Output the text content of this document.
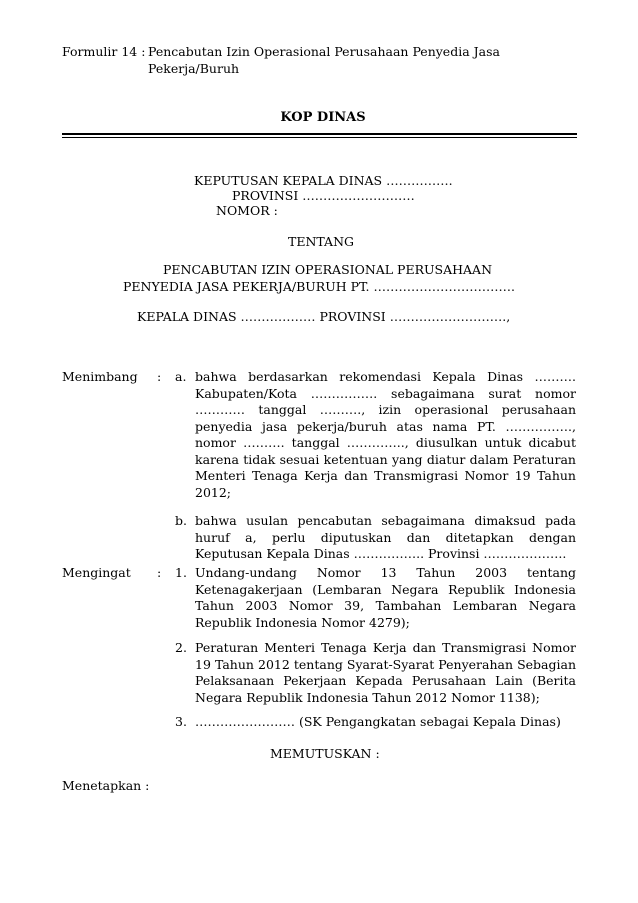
Formulir 14 : Pencabutan Izin Operasional Perusahaan Penyedia Jasa
Pekerja/Buruh
KOP DINAS
KEPUTUSAN KEPALA DINAS …………….
PROVINSI ………………………
NOMOR :
TENTANG
PENCABUTAN IZIN OPERASIONAL PERUSAHAAN
PENYEDIA JASA PEKERJA/BURUH PT. …………………………….
KEPALA DINAS ……………… PROVINSI ……………………….,
Menimbang : a. bahwa berdasarkan rekomendasi Kepala Dinas ……….
Kabupaten/Kota ……………. sebagaimana surat nomor
………… tanggal ………., izin operasional perusahaan
penyedia jasa pekerja/buruh atas nama PT. …………….,
nomor ………. tanggal ………….., diusulkan untuk dicabut
karena tidak sesuai ketentuan yang diatur dalam Peraturan
Menteri Tenaga Kerja dan Transmigrasi Nomor 19 Tahun
2012;
b. bahwa usulan pencabutan sebagaimana dimaksud pada
huruf a, perlu diputuskan dan ditetapkan dengan
Keputusan Kepala Dinas …………….. Provinsi ………………..
Mengingat : 1. Undang-undang Nomor 13 Tahun 2003 tentang
Ketenagakerjaan (Lembaran Negara Republik Indonesia
Tahun 2003 Nomor 39, Tambahan Lembaran Negara
Republik Indonesia Nomor 4279);
2. Peraturan Menteri Tenaga Kerja dan Transmigrasi Nomor
19 Tahun 2012 tentang Syarat-Syarat Penyerahan Sebagian
Pelaksanaan Pekerjaan Kepada Perusahaan Lain (Berita
Negara Republik Indonesia Tahun 2012 Nomor 1138);
3. …………………… (SK Pengangkatan sebagai Kepala Dinas)
MEMUTUSKAN :
Menetapkan :
